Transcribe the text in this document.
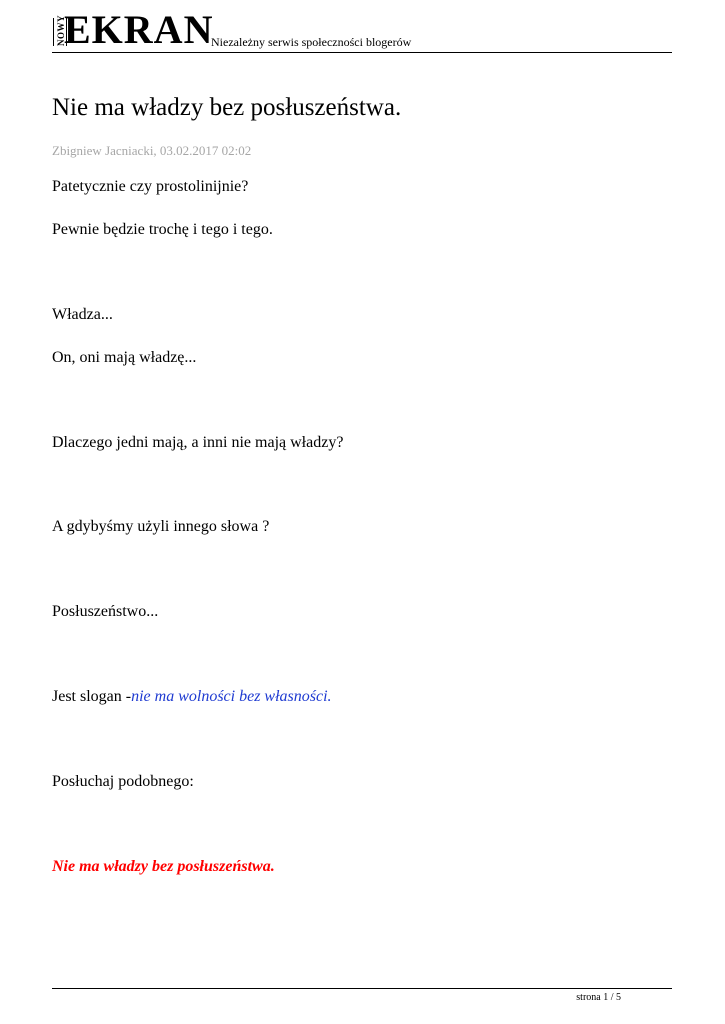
NOWY
EKRAN
Niezależny serwis społeczności blogerów
Nie ma władzy bez posłuszeństwa.
Zbigniew Jacniacki, 03.02.2017 02:02
Patetycznie czy prostolinijnie?
Pewnie będzie trochę i tego i tego.
Władza...
On, oni mają władzę...
Dlaczego jedni mają, a inni nie mają władzy?
A gdybyśmy użyli innego słowa ?
Posłuszeństwo...
Jest slogan -nie ma wolności bez własności.
Posłuchaj podobnego:
Nie ma władzy bez posłuszeństwa.
strona 1 / 5
